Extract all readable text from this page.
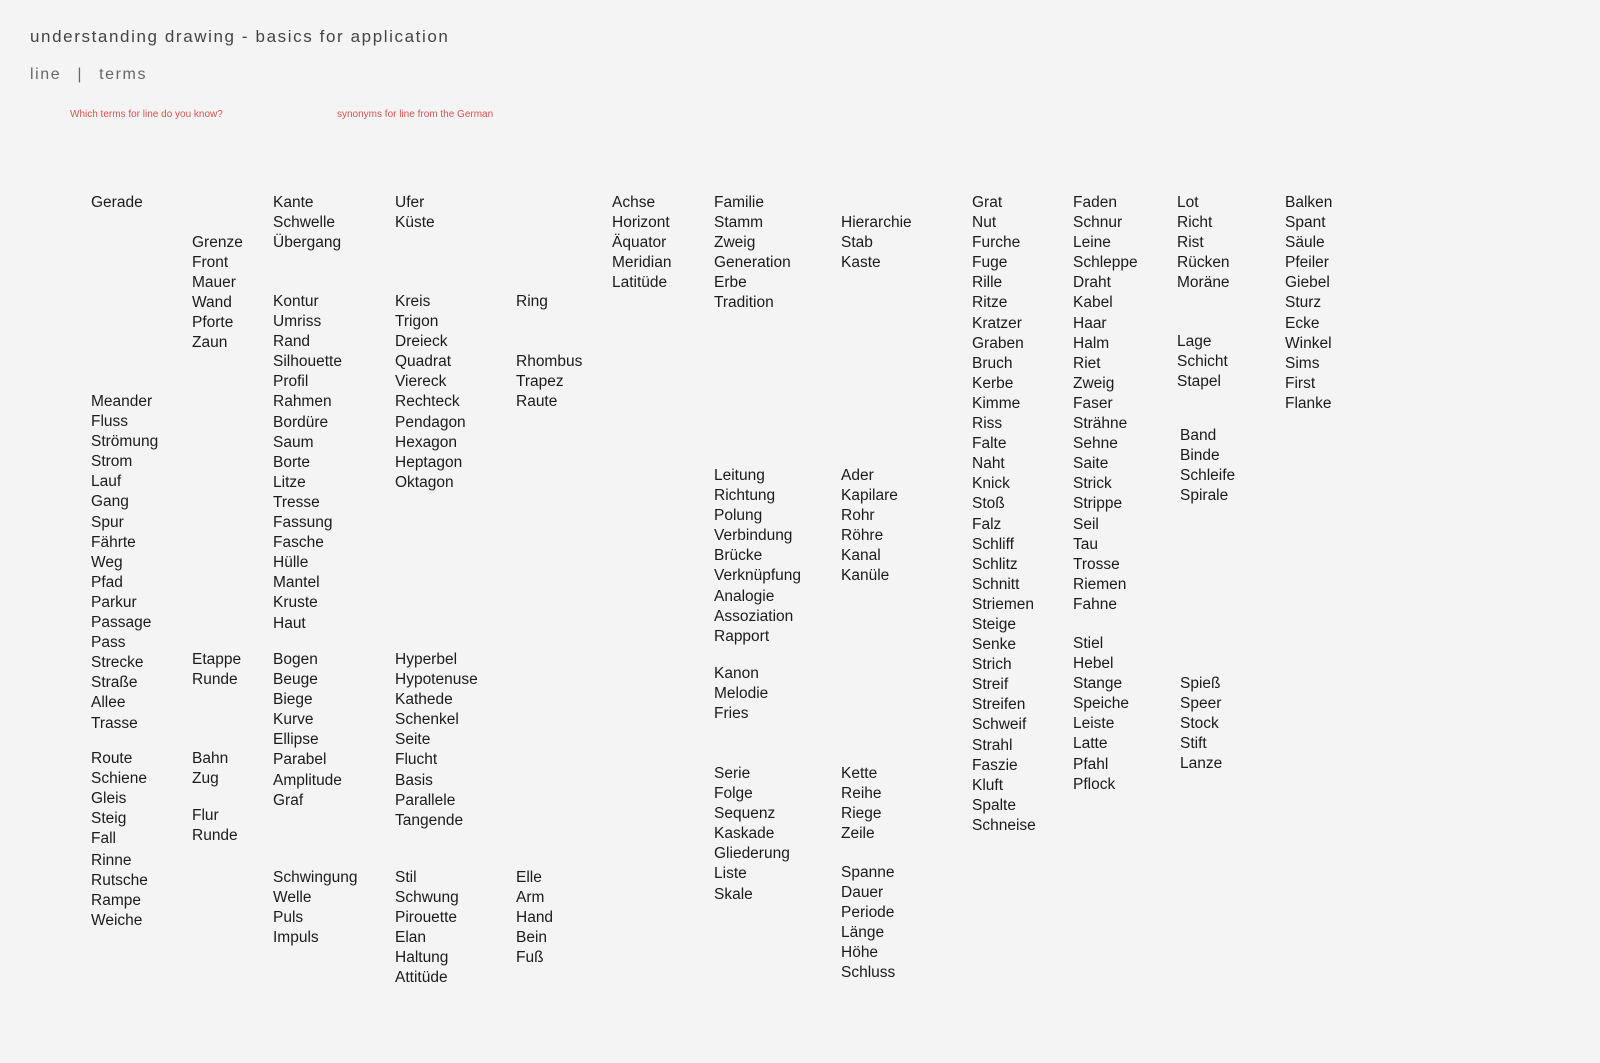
understanding drawing - basics for application
line | terms
Which terms for line do you know?	synonyms for line from the German
Gerade
Meander
Fluss
Strömung
Strom
Lauf
Gang
Spur
Fährte
Weg
Pfad
Parkur
Passage
Pass
Strecke
Straße
Allee
Trasse
Route
Schiene
Gleis
Steig
Fall
Rinne
Rutsche
Rampe
Weiche
Grenze
Front
Mauer
Wand
Pforte
Zaun
Etappe
Runde
Bahn
Zug
Flur
Runde
Kante
Schwelle
Übergang
Kontur
Umriss
Rand
Silhouette
Profil
Rahmen
Bordüre
Saum
Borte
Litze
Tresse
Fassung
Fasche
Hülle
Mantel
Kruste
Haut
Bogen
Beuge
Biege
Kurve
Ellipse
Parabel
Amplitude
Graf
Schwingung
Welle
Puls
Impuls
Ufer
Küste
Kreis
Trigon
Dreieck
Quadrat
Viereck
Rechteck
Pendagon
Hexagon
Heptagon
Oktagon
Hyperbel
Hypotenuse
Kathede
Schenkel
Seite
Flucht
Basis
Parallele
Tangende
Stil
Schwung
Pirouette
Elan
Haltung
Attitüde
Ring
Rhombus
Trapez
Raute
Elle
Arm
Hand
Bein
Fuß
Achse
Horizont
Äquator
Meridian
Latitüde
Familie
Stamm
Zweig
Generation
Erbe
Tradition
Leitung
Richtung
Polung
Verbindung
Brücke
Verknüpfung
Analogie
Assoziation
Rapport
Kanon
Melodie
Fries
Serie
Folge
Sequenz
Kaskade
Gliederung
Liste
Skale
Hierarchie
Stab
Kaste
Ader
Kapilare
Rohr
Röhre
Kanal
Kanüle
Kette
Reihe
Riege
Zeile
Spanne
Dauer
Periode
Länge
Höhe
Schluss
Grat
Nut
Furche
Fuge
Rille
Ritze
Kratzer
Graben
Bruch
Kerbe
Kimme
Riss
Falte
Naht
Knick
Stoß
Falz
Schliff
Schlitz
Schnitt
Striemen
Steige
Senke
Strich
Streif
Streifen
Schweif
Strahl
Faszie
Kluft
Spalte
Schneise
Faden
Schnur
Leine
Schleppe
Draht
Kabel
Haar
Halm
Riet
Zweig
Faser
Strähne
Sehne
Saite
Strick
Strippe
Seil
Tau
Trosse
Riemen
Fahne
Stiel
Hebel
Stange
Speiche
Leiste
Latte
Pfahl
Pflock
Lot
Richt
Rist
Rücken
Moräne
Lage
Schicht
Stapel
Band
Binde
Schleife
Spirale
Spieß
Speer
Stock
Stift
Lanze
Balken
Spant
Säule
Pfeiler
Giebel
Sturz
Ecke
Winkel
Sims
First
Flanke
